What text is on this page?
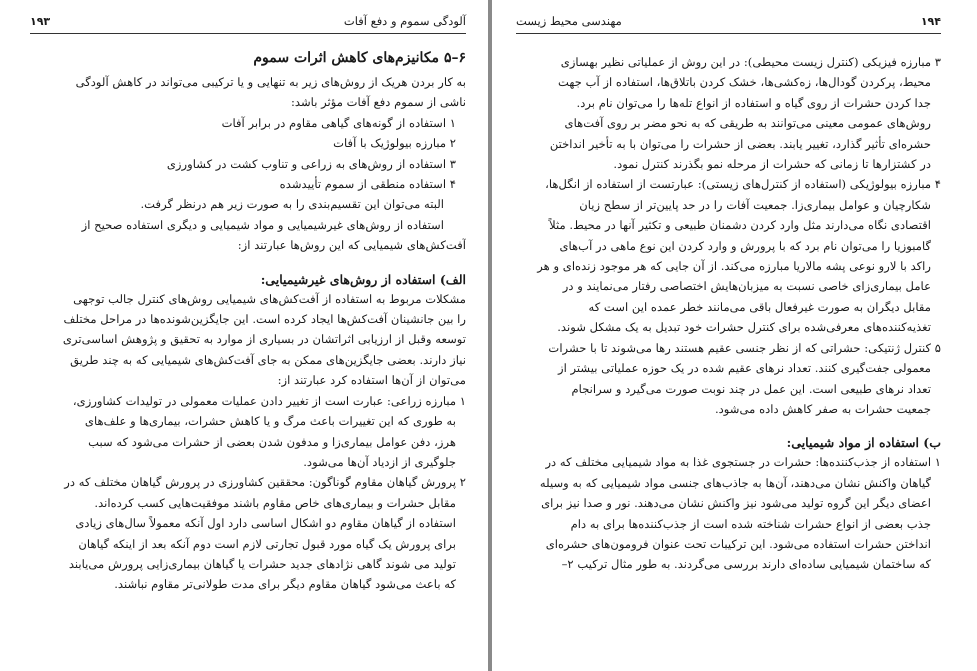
آلودگی سموم و دفع آفات
۱۹۳
۶–۵ مکانیزم‌های کاهش اثرات سموم
به کار بردن هریک از روش‌های زیر به تنهایی و یا ترکیبی می‌تواند در کاهش آلودگی
ناشی از سموم دفع آفات مؤثر باشد:
۱ استفاده از گونه‌های گیاهی مقاوم در برابر آفات
۲ مبارزه بیولوژیک با آفات
۳ استفاده از روش‌های به زراعی و تناوب کشت در کشاورزی
۴ استفاده منطقی از سموم تأییدشده
البته می‌توان این تقسیم‌بندی را به صورت زیر هم درنظر گرفت.
استفاده از روش‌های غیرشیمیایی و مواد شیمیایی و دیگری استفاده صحیح از
آفت‌کش‌های شیمیایی که این روش‌ها عبارتند از:
الف) استفاده از روش‌های غیرشیمیایی:
مشکلات مربوط به استفاده از آفت‌کش‌های شیمیایی روش‌های کنترل جالب توجهی
را بین جانشینان آفت‌کش‌ها ایجاد کرده است. این جایگزین‌شونده‌ها در مراحل مختلف
توسعه وقبل از ارزیابی اثراتشان در بسیاری از موارد به تحقیق و پژوهش اساسی‌تری
نیاز دارند. بعضی جایگزین‌های ممکن به جای آفت‌کش‌های شیمیایی که به چند طریق
می‌توان از آن‌ها استفاده کرد عبارتند از:
۱ مبارزه زراعی: عبارت است از تغییر دادن عملیات معمولی در تولیدات کشاورزی،
به طوری که این تغییرات باعث مرگ و یا کاهش حشرات، بیماری‌ها و علف‌های
هرز، دفن عوامل بیماری‌زا و مدفون شدن بعضی از حشرات می‌شود که سبب
جلوگیری از ازدیاد آن‌ها می‌شود.
۲ پرورش گیاهان مقاوم گوناگون: محققین کشاورزی در پرورش گیاهان مختلف که در
مقابل حشرات و بیماری‌های خاص مقاوم باشند موفقیت‌هایی کسب کرده‌اند.
استفاده از گیاهان مقاوم دو اشکال اساسی دارد اول آنکه معمولاً سال‌های زیادی
برای پرورش یک گیاه مورد قبول تجارتی لازم است دوم آنکه بعد از اینکه گیاهان
تولید می شوند گاهی نژادهای جدید حشرات یا گیاهان بیماری‌زایی پرورش می‌یابند
که باعث می‌شود گیاهان مقاوم دیگر برای مدت طولانی‌تر مقاوم نباشند.
۱۹۴
مهندسی محیط زیست
۳ مبارزه فیزیکی (کنترل زیست محیطی): در این روش از عملیاتی نظیر بهسازی
محیط، پرکردن گودال‌ها، زه‌کشی‌ها، خشک کردن باتلاق‌ها، استفاده از آب جهت
جدا کردن حشرات از روی گیاه و استفاده از انواع تله‌ها را می‌توان نام برد.
روش‌های عمومی معینی می‌توانند به طریقی که به نحو مضر بر روی آفت‌های
حشره‌ای تأثیر گذارد، تغییر یابند. بعضی از حشرات را می‌توان با به تأخیر انداختن
در کشتزارها تا زمانی که حشرات از مرحله نمو بگذرند کنترل نمود.
۴ مبارزه بیولوژیکی (استفاده از کنترل‌های زیستی): عبارتست از استفاده از انگل‌ها،
شکارچیان و عوامل بیماری‌زا. جمعیت آفات را در حد پایین‌تر از سطح زیان
اقتصادی نگاه می‌دارند مثل وارد کردن دشمنان طبیعی و تکثیر آنها در محیط. مثلاً
گامبوزیا را می‌توان نام برد که با پرورش و وارد کردن این نوع ماهی در آب‌های
راکد با لارو نوعی پشه مالاریا مبارزه می‌کند. از آن جایی که هر موجود زنده‌ای و هر
عامل بیماری‌زای خاصی نسبت به میزبان‌هایش اختصاصی رفتار می‌نمایند و در
مقابل دیگران به صورت غیرفعال باقی می‌مانند خطر عمده این است که
تغذیه‌کننده‌های معرفی‌شده برای کنترل حشرات خود تبدیل به یک مشکل شوند.
۵ کنترل ژنتیکی: حشراتی که از نظر جنسی عقیم هستند رها می‌شوند تا با حشرات
معمولی جفت‌گیری کنند. تعداد نرهای عقیم شده در یک حوزه عملیاتی بیشتر از
تعداد نرهای طبیعی است. این عمل در چند نوبت صورت می‌گیرد و سرانجام
جمعیت حشرات به صفر کاهش داده می‌شود.
ب) استفاده از مواد شیمیایی:
۱ استفاده از جذب‌کننده‌ها: حشرات در جستجوی غذا به مواد شیمیایی مختلف که در
گیاهان واکنش نشان می‌دهند، آن‌ها به جاذب‌های جنسی مواد شیمیایی که به وسیله
اعضای دیگر این گروه تولید می‌شود نیز واکنش نشان می‌دهند. نور و صدا نیز برای
جذب بعضی از انواع حشرات شناخته شده است از جذب‌کننده‌ها برای به دام
انداختن حشرات استفاده می‌شود. این ترکیبات تحت عنوان فرومون‌های حشره‌ای
که ساختمان شیمیایی ساده‌ای دارند بررسی می‌گردند. به طور مثال ترکیب ۲–
